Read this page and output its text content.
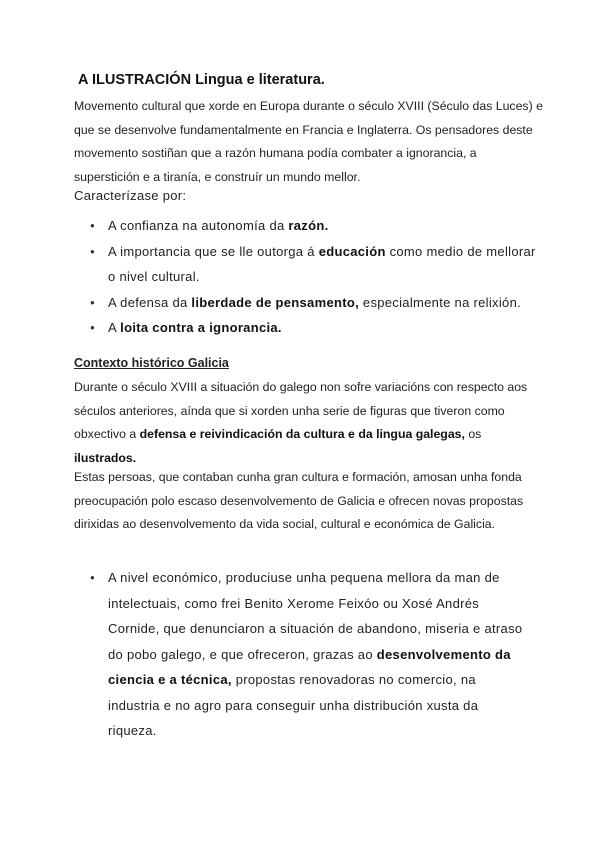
A ILUSTRACIÓN Lingua e literatura.

Movemento cultural que xorde en Europa durante o século XVIII (Século das Luces) e que se desenvolve fundamentalmente en Francia e Inglaterra. Os pensadores deste movemento sostiñan que a razón humana podía combater a ignorancia, a superstición e a tiranía, e construír un mundo mellor.

Caracterízase por:

● A confianza na autonomía da razón.
● A importancia que se lle outorga á educación como medio de mellorar o nivel cultural.
● A defensa da liberdade de pensamento, especialmente na relixión.
● A loita contra a ignorancia.

Contexto histórico Galicia

Durante o século XVIII a situación do galego non sofre variacións con respecto aos séculos anteriores, aínda que si xorden unha serie de figuras que tiveron como obxectivo a defensa e reivindicación da cultura e da lingua galegas, os ilustrados.

Estas persoas, que contaban cunha gran cultura e formación, amosan unha fonda preocupación polo escaso desenvolvemento de Galicia e ofrecen novas propostas dirixidas ao desenvolvemento da vida social, cultural e económica de Galicia.

● A nivel económico, produciuse unha pequena mellora da man de intelectuais, como frei Benito Xerome Feixóo ou Xosé Andrés Cornide, que denunciaron a situación de abandono, miseria e atraso do pobo galego, e que ofreceron, grazas ao desenvolvemento da ciencia e a técnica, propostas renovadoras no comercio, na industria e no agro para conseguir unha distribución xusta da riqueza.
